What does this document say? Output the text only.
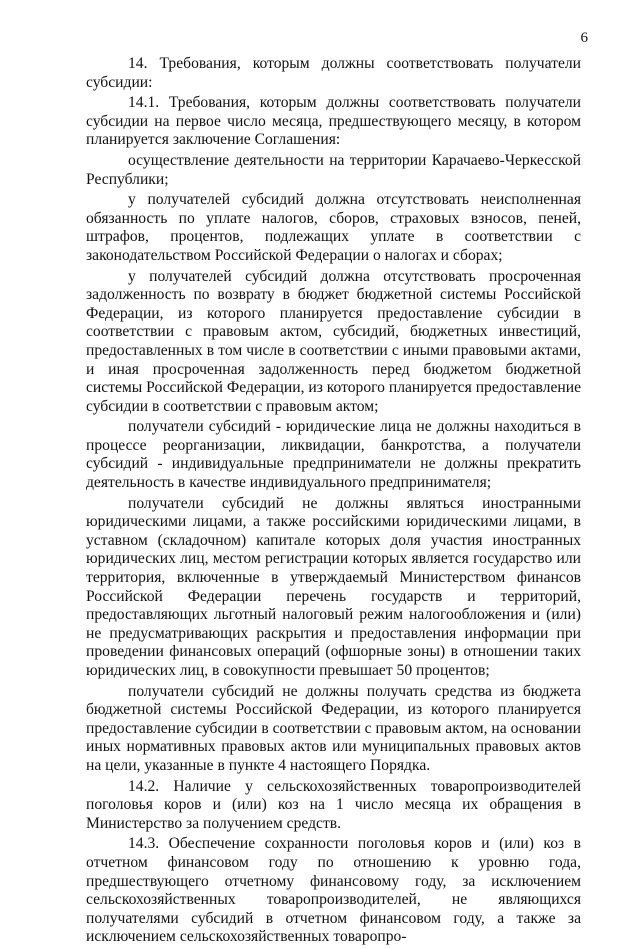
6

14. Требования, которым должны соответствовать получатели субсидии:

14.1. Требования, которым должны соответствовать получатели субсидии на первое число месяца, предшествующего месяцу, в котором планируется заключение Соглашения:

осуществление деятельности на территории Карачаево-Черкесской Республики;

у получателей субсидий должна отсутствовать неисполненная обязанность по уплате налогов, сборов, страховых взносов, пеней, штрафов, процентов, подлежащих уплате в соответствии с законодательством Российской Федерации о налогах и сборах;

у получателей субсидий должна отсутствовать просроченная задолженность по возврату в бюджет бюджетной системы Российской Федерации, из которого планируется предоставление субсидии в соответствии с правовым актом, субсидий, бюджетных инвестиций, предоставленных в том числе в соответствии с иными правовыми актами, и иная просроченная задолженность перед бюджетом бюджетной системы Российской Федерации, из которого планируется предоставление субсидии в соответствии с правовым актом;

получатели субсидий - юридические лица не должны находиться в процессе реорганизации, ликвидации, банкротства, а получатели субсидий - индивидуальные предприниматели не должны прекратить деятельность в качестве индивидуального предпринимателя;

получатели субсидий не должны являться иностранными юридическими лицами, а также российскими юридическими лицами, в уставном (складочном) капитале которых доля участия иностранных юридических лиц, местом регистрации которых является государство или территория, включенные в утверждаемый Министерством финансов Российской Федерации перечень государств и территорий, предоставляющих льготный налоговый режим налогообложения и (или) не предусматривающих раскрытия и предоставления информации при проведении финансовых операций (офшорные зоны) в отношении таких юридических лиц, в совокупности превышает 50 процентов;

получатели субсидий не должны получать средства из бюджета бюджетной системы Российской Федерации, из которого планируется предоставление субсидии в соответствии с правовым актом, на основании иных нормативных правовых актов или муниципальных правовых актов на цели, указанные в пункте 4 настоящего Порядка.

14.2. Наличие у сельскохозяйственных товаропроизводителей поголовья коров и (или) коз на 1 число месяца их обращения в Министерство за получением средств.

14.3. Обеспечение сохранности поголовья коров и (или) коз в отчетном финансовом году по отношению к уровню года, предшествующего отчетному финансовому году, за исключением сельскохозяйственных товаропроизводителей, не являющихся получателями субсидий в отчетном финансовом году, а также за исключением сельскохозяйственных товаропро-
